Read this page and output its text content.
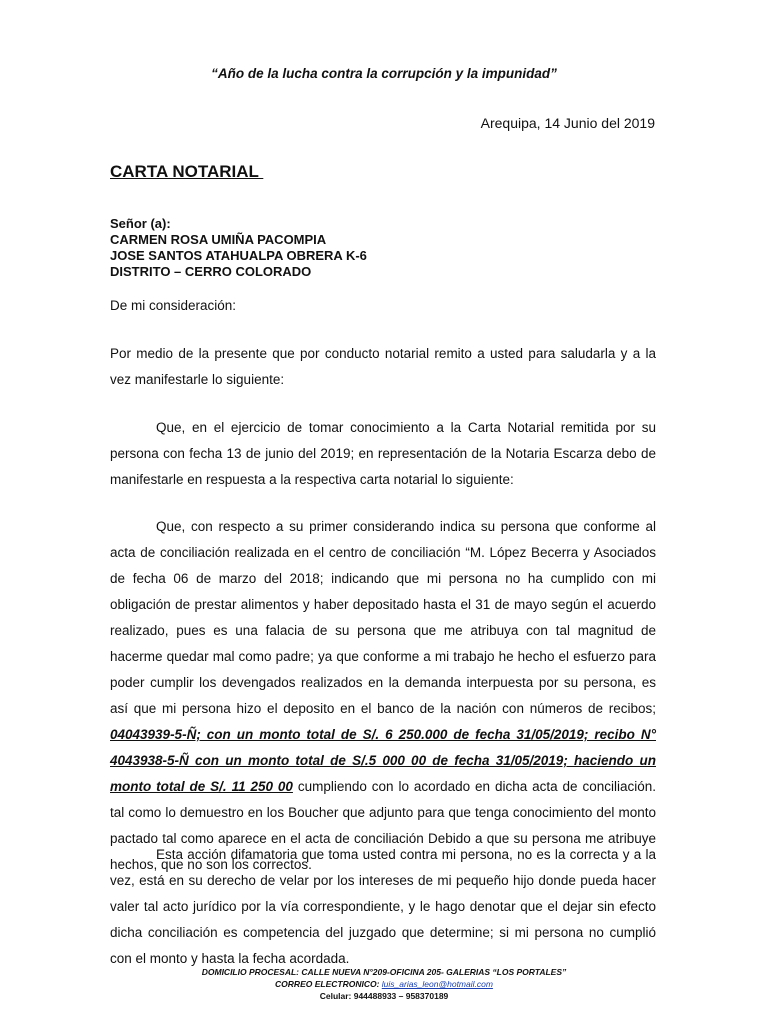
“Año de la lucha contra la corrupción y la impunidad”
Arequipa, 14 Junio del 2019
CARTA NOTARIAL
Señor (a):
CARMEN ROSA UMIÑA PACOMPIA
JOSE SANTOS ATAHUALPA OBRERA K-6
DISTRITO – CERRO COLORADO
De mi consideración:
Por medio de la presente que por conducto notarial remito a usted para saludarla y a la vez manifestarle lo siguiente:
Que, en el ejercicio de tomar conocimiento a la Carta Notarial remitida por su persona con fecha 13 de junio del 2019; en representación de la Notaria Escarza debo de manifestarle en respuesta a la respectiva carta notarial lo siguiente:
Que, con respecto a su primer considerando indica su persona que conforme al acta de conciliación realizada en el centro de conciliación “M. López Becerra y Asociados de fecha 06 de marzo del 2018; indicando que mi persona no ha cumplido con mi obligación de prestar alimentos y haber depositado hasta el 31 de mayo según el acuerdo realizado, pues es una falacia de su persona que me atribuya con tal magnitud de hacerme quedar mal como padre; ya que conforme a mi trabajo he hecho el esfuerzo para poder cumplir los devengados realizados en la demanda interpuesta por su persona, es así que mi persona hizo el deposito en el banco de la nación con números de recibos; 04043939-5-Ñ; con un monto total de S/. 6 250.000 de fecha 31/05/2019; recibo N° 4043938-5-Ñ con un monto total de S/.5 000 00 de fecha 31/05/2019; haciendo un monto total de S/. 11 250 00 cumpliendo con lo acordado en dicha acta de conciliación. tal como lo demuestro en los Boucher que adjunto para que tenga conocimiento del monto pactado tal como aparece en el acta de conciliación Debido a que su persona me atribuye hechos, que no son los correctos.
Esta acción difamatoria que toma usted contra mi persona, no es la correcta y a la vez, está en su derecho de velar por los intereses de mi pequeño hijo donde pueda hacer valer tal acto jurídico por la vía correspondiente, y le hago denotar que el dejar sin efecto dicha conciliación es competencia del juzgado que determine; si mi persona no cumplió con el monto y hasta la fecha acordada.
DOMICILIO PROCESAL: CALLE NUEVA N°209-OFICINA 205- GALERIAS “LOS PORTALES”
CORREO ELECTRONICO: luis_arias_leon@hotmail.com
Celular: 944488933 – 958370189
